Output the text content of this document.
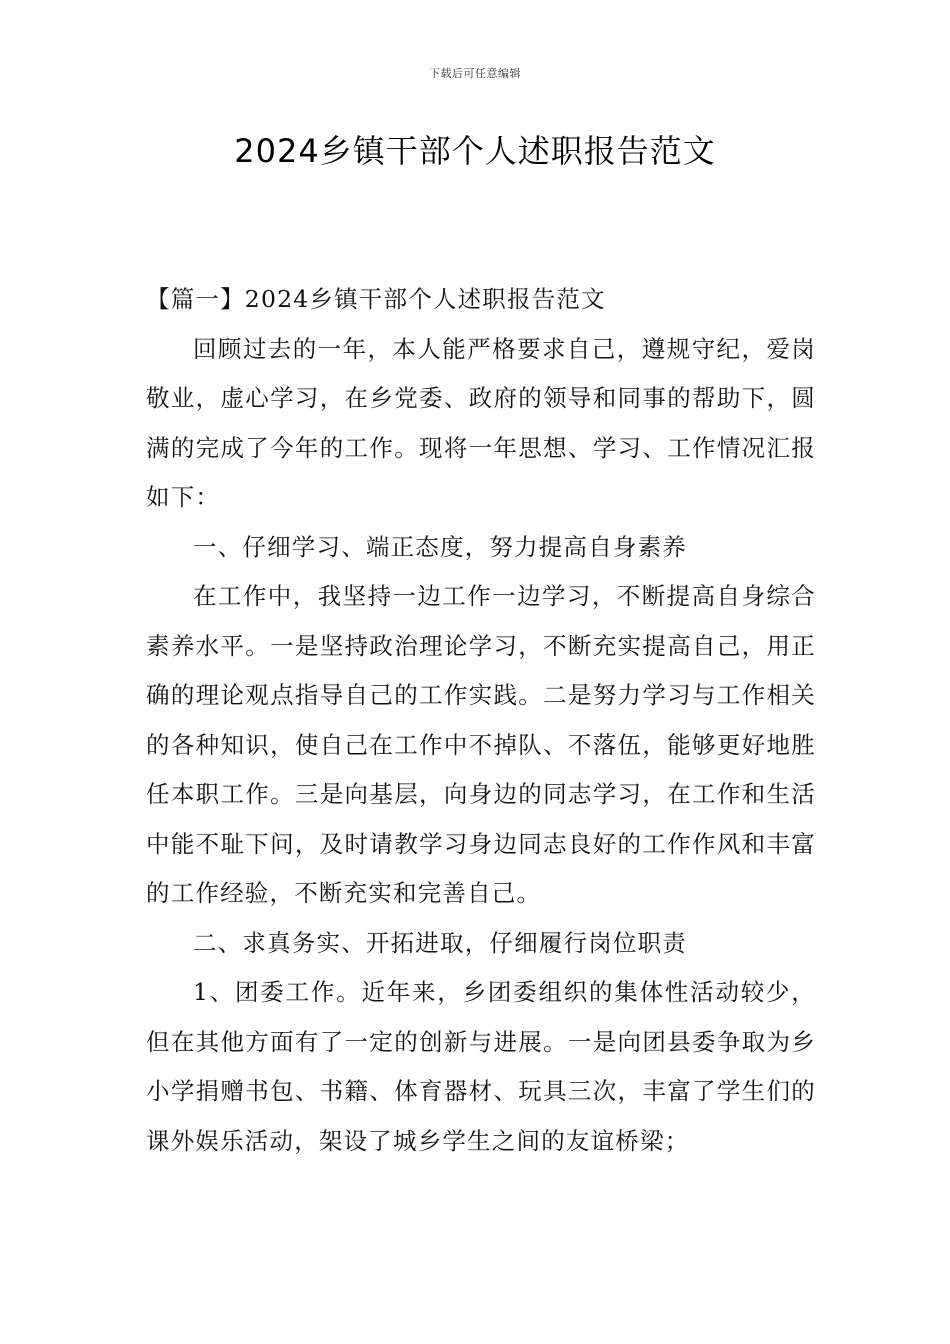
下载后可任意编辑
2024乡镇干部个人述职报告范文

【篇一】2024乡镇干部个人述职报告范文

回顾过去的一年，本人能严格要求自己，遵规守纪，爱岗敬业，虚心学习，在乡党委、政府的领导和同事的帮助下，圆满的完成了今年的工作。现将一年思想、学习、工作情况汇报如下：

一、仔细学习、端正态度，努力提高自身素养

在工作中，我坚持一边工作一边学习，不断提高自身综合素养水平。一是坚持政治理论学习，不断充实提高自己，用正确的理论观点指导自己的工作实践。二是努力学习与工作相关的各种知识，使自己在工作中不掉队、不落伍，能够更好地胜任本职工作。三是向基层，向身边的同志学习，在工作和生活中能不耻下问，及时请教学习身边同志良好的工作作风和丰富的工作经验，不断充实和完善自己。

二、求真务实、开拓进取，仔细履行岗位职责

1、团委工作。近年来，乡团委组织的集体性活动较少，但在其他方面有了一定的创新与进展。一是向团县委争取为乡小学捐赠书包、书籍、体育器材、玩具三次，丰富了学生们的课外娱乐活动，架设了城乡学生之间的友谊桥梁；
